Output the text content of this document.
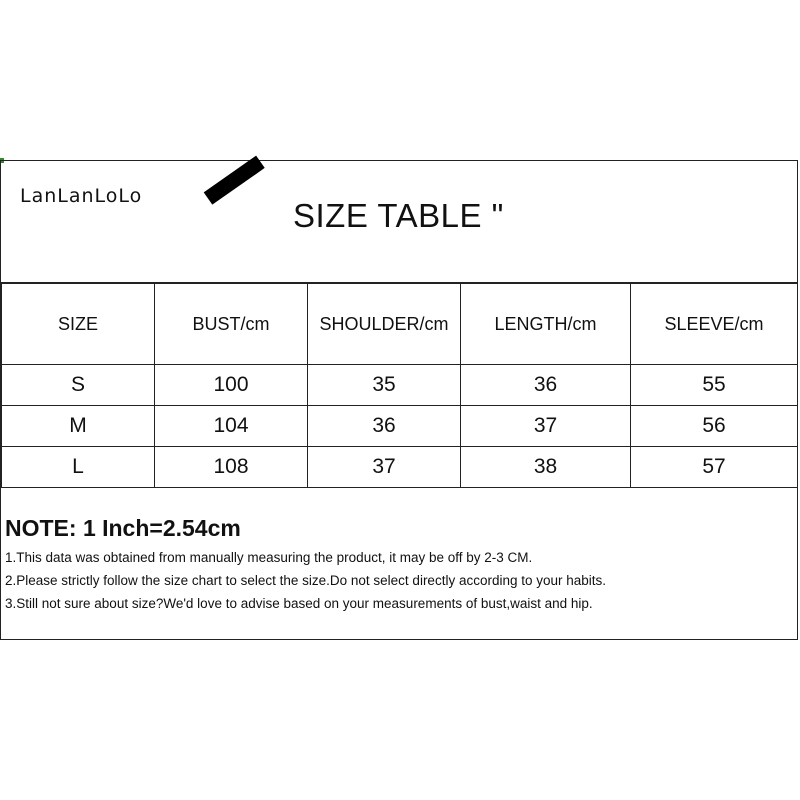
LanLanLoLo
SIZE TABLE "
SIZE	BUST/cm	SHOULDER/cm	LENGTH/cm	SLEEVE/cm
S	100	35	36	55
M	104	36	37	56
L	108	37	38	57
NOTE: 1 Inch=2.54cm
1.This data was obtained from manually measuring the product, it may be off by 2-3 CM.
2.Please strictly follow the size chart to select the size.Do not select directly according to your habits.
3.Still not sure about size?We'd love to advise based on your measurements of bust,waist and hip.
